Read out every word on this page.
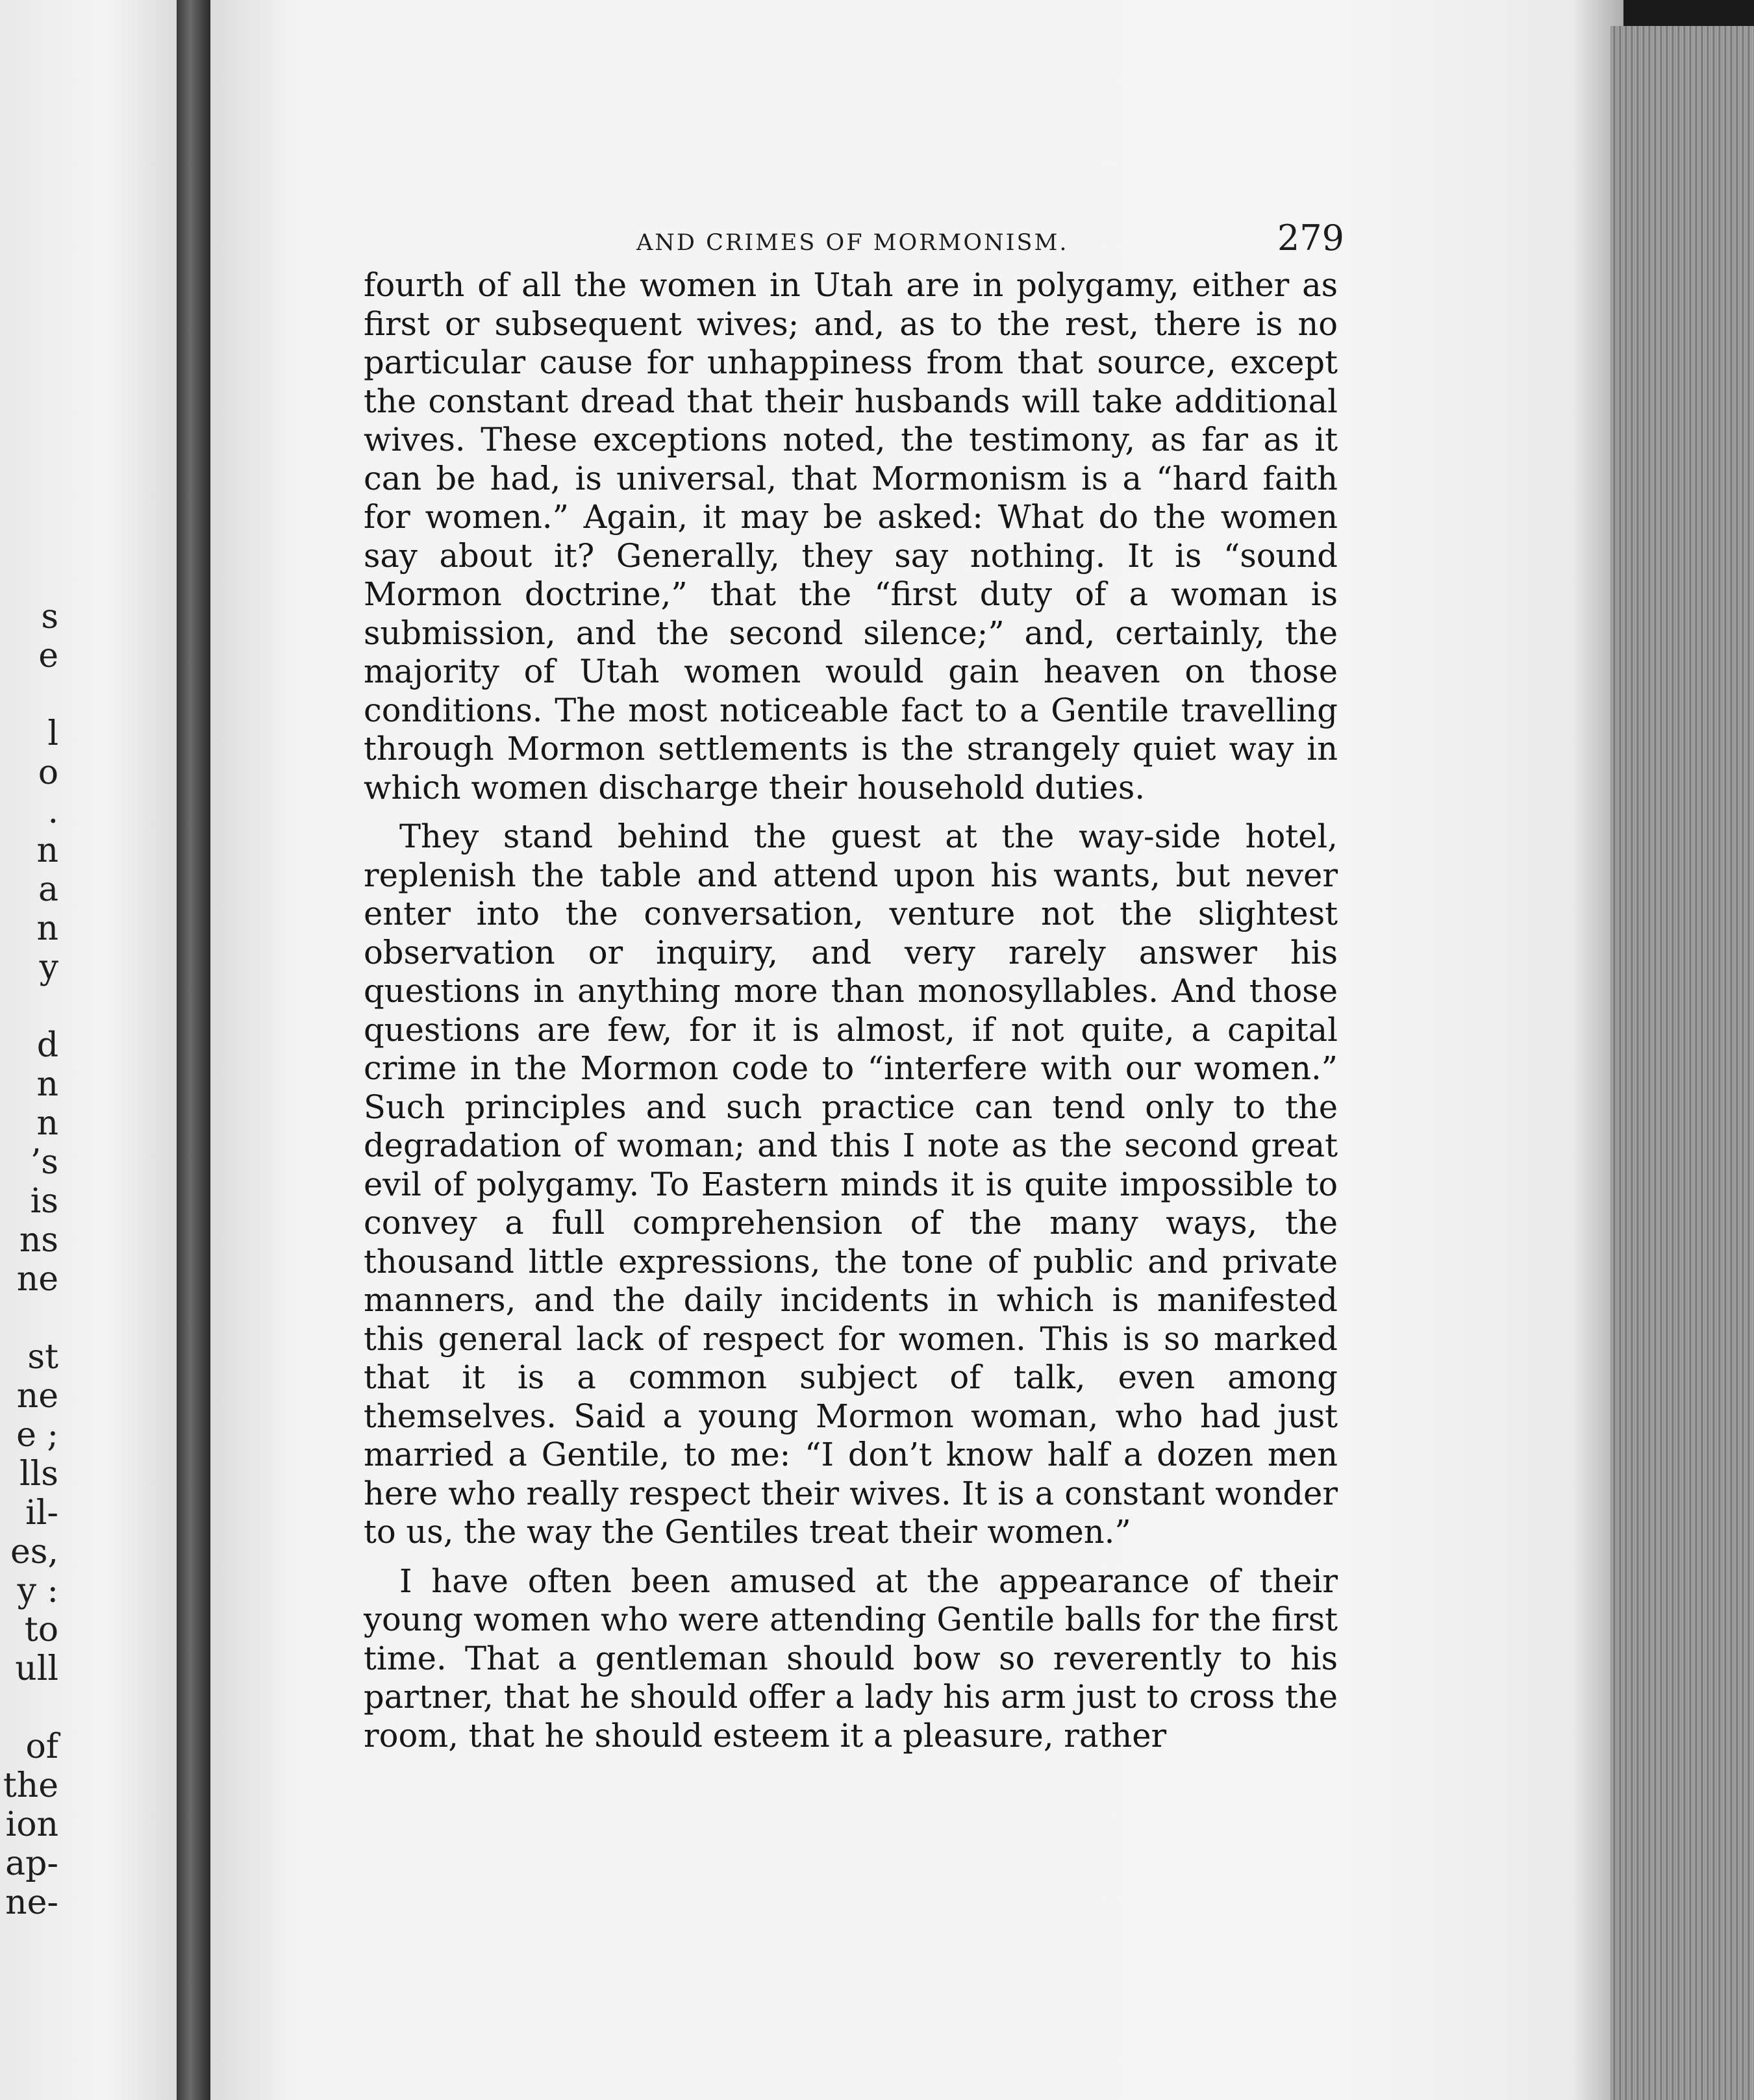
s
e
l
o
.
n
a
n
y
d
n
n
’s
is
ns
ne
st
ne
e ;
lls
il-
es,
y :
to
ull
of
the
ion
ap-
ne-
AND CRIMES OF MORMONISM.	279

fourth of all the women in Utah are in polygamy, either as first or subsequent wives; and, as to the rest, there is no particular cause for unhappiness from that source, except the constant dread that their husbands will take additional wives. These exceptions noted, the testimony, as far as it can be had, is universal, that Mormonism is a “hard faith for women.” Again, it may be asked: What do the women say about it? Generally, they say nothing. It is “sound Mormon doctrine,” that the “first duty of a woman is submission, and the second silence;” and, certainly, the majority of Utah women would gain heaven on those conditions. The most noticeable fact to a Gentile travelling through Mormon settlements is the strangely quiet way in which women discharge their household duties.

They stand behind the guest at the way-side hotel, replenish the table and attend upon his wants, but never enter into the conversation, venture not the slightest observation or inquiry, and very rarely answer his questions in anything more than monosyllables. And those questions are few, for it is almost, if not quite, a capital crime in the Mormon code to “interfere with our women.” Such principles and such practice can tend only to the degradation of woman; and this I note as the second great evil of polygamy. To Eastern minds it is quite impossible to convey a full comprehension of the many ways, the thousand little expressions, the tone of public and private manners, and the daily incidents in which is manifested this general lack of respect for women. This is so marked that it is a common subject of talk, even among themselves. Said a young Mormon woman, who had just married a Gentile, to me: “I don’t know half a dozen men here who really respect their wives. It is a constant wonder to us, the way the Gentiles treat their women.”

I have often been amused at the appearance of their young women who were attending Gentile balls for the first time. That a gentleman should bow so reverently to his partner, that he should offer a lady his arm just to cross the room, that he should esteem it a pleasure, rather
